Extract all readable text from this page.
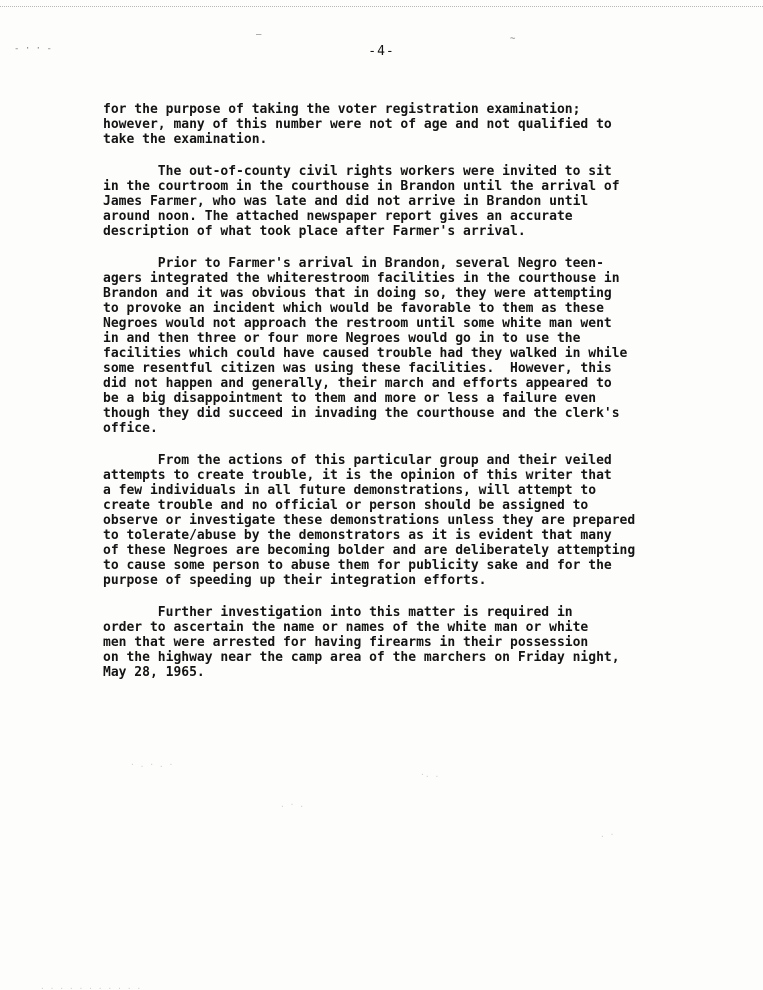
- · · -
—	~
-4-
for the purpose of taking the voter registration examination;
however, many of this number were not of age and not qualified to
take the examination.
The out-of-county civil rights workers were invited to sit
in the courtroom in the courthouse in Brandon until the arrival of
James Farmer, who was late and did not arrive in Brandon until
around noon. The attached newspaper report gives an accurate
description of what took place after Farmer's arrival.
Prior to Farmer's arrival in Brandon, several Negro teen-
agers integrated the whiterestroom facilities in the courthouse in
Brandon and it was obvious that in doing so, they were attempting
to provoke an incident which would be favorable to them as these
Negroes would not approach the restroom until some white man went
in and then three or four more Negroes would go in to use the
facilities which could have caused trouble had they walked in while
some resentful citizen was using these facilities.  However, this
did not happen and generally, their march and efforts appeared to
be a big disappointment to them and more or less a failure even
though they did succeed in invading the courthouse and the clerk's
office.
From the actions of this particular group and their veiled
attempts to create trouble, it is the opinion of this writer that
a few individuals in all future demonstrations, will attempt to
create trouble and no official or person should be assigned to
observe or investigate these demonstrations unless they are prepared
to tolerate/abuse by the demonstrators as it is evident that many
of these Negroes are becoming bolder and are deliberately attempting
to cause some person to abuse them for publicity sake and for the
purpose of speeding up their integration efforts.
Further investigation into this matter is required in
order to ascertain the name or names of the white man or white
men that were arrested for having firearms in their possession
on the highway near the camp area of the marchers on Friday night,
May 28, 1965.
· . · . ·
. · .
·. .
. ·
. . . . . . . . . . .
